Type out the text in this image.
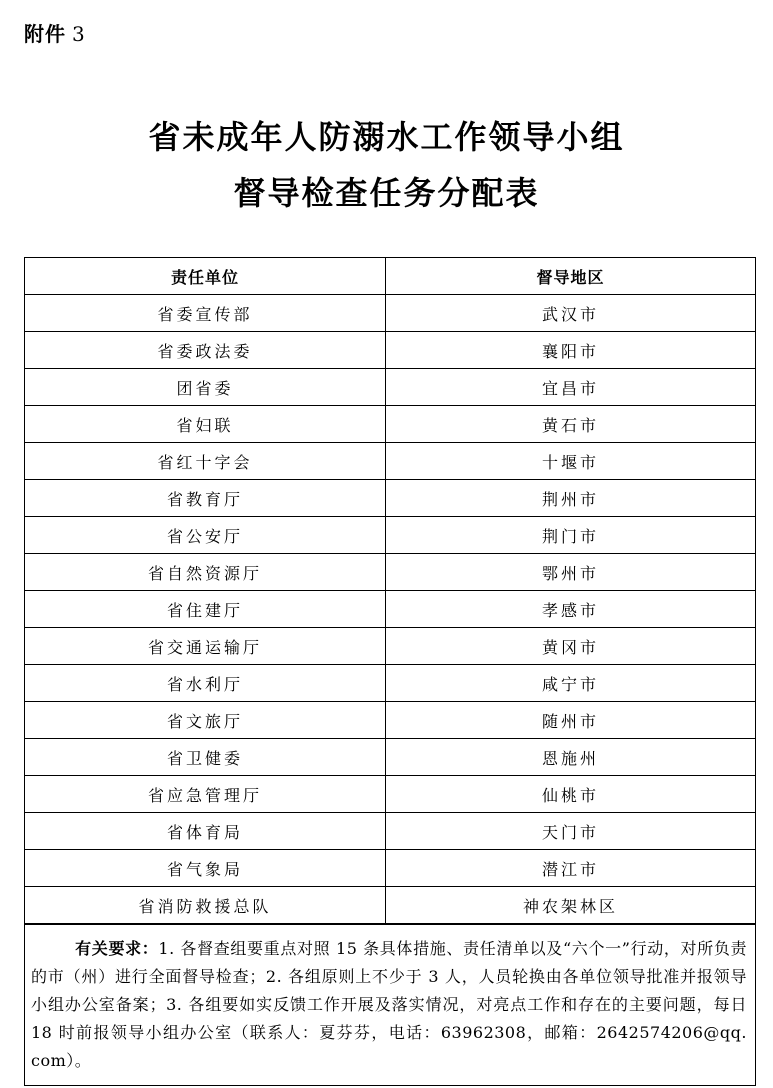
附件 3
省未成年人防溺水工作领导小组
督导检查任务分配表
责任单位	督导地区
省委宣传部	武汉市
省委政法委	襄阳市
团省委	宜昌市
省妇联	黄石市
省红十字会	十堰市
省教育厅	荆州市
省公安厅	荆门市
省自然资源厅	鄂州市
省住建厅	孝感市
省交通运输厅	黄冈市
省水利厅	咸宁市
省文旅厅	随州市
省卫健委	恩施州
省应急管理厅	仙桃市
省体育局	天门市
省气象局	潜江市
省消防救援总队	神农架林区
有关要求：1. 各督查组要重点对照 15 条具体措施、责任清单以及“六个一”行动，对所负责的市（州）进行全面督导检查；2. 各组原则上不少于 3 人，人员轮换由各单位领导批准并报领导小组办公室备案；3. 各组要如实反馈工作开展及落实情况，对亮点工作和存在的主要问题，每日 18 时前报领导小组办公室（联系人：夏芬芬，电话：63962308，邮箱：2642574206@qq. com）。
